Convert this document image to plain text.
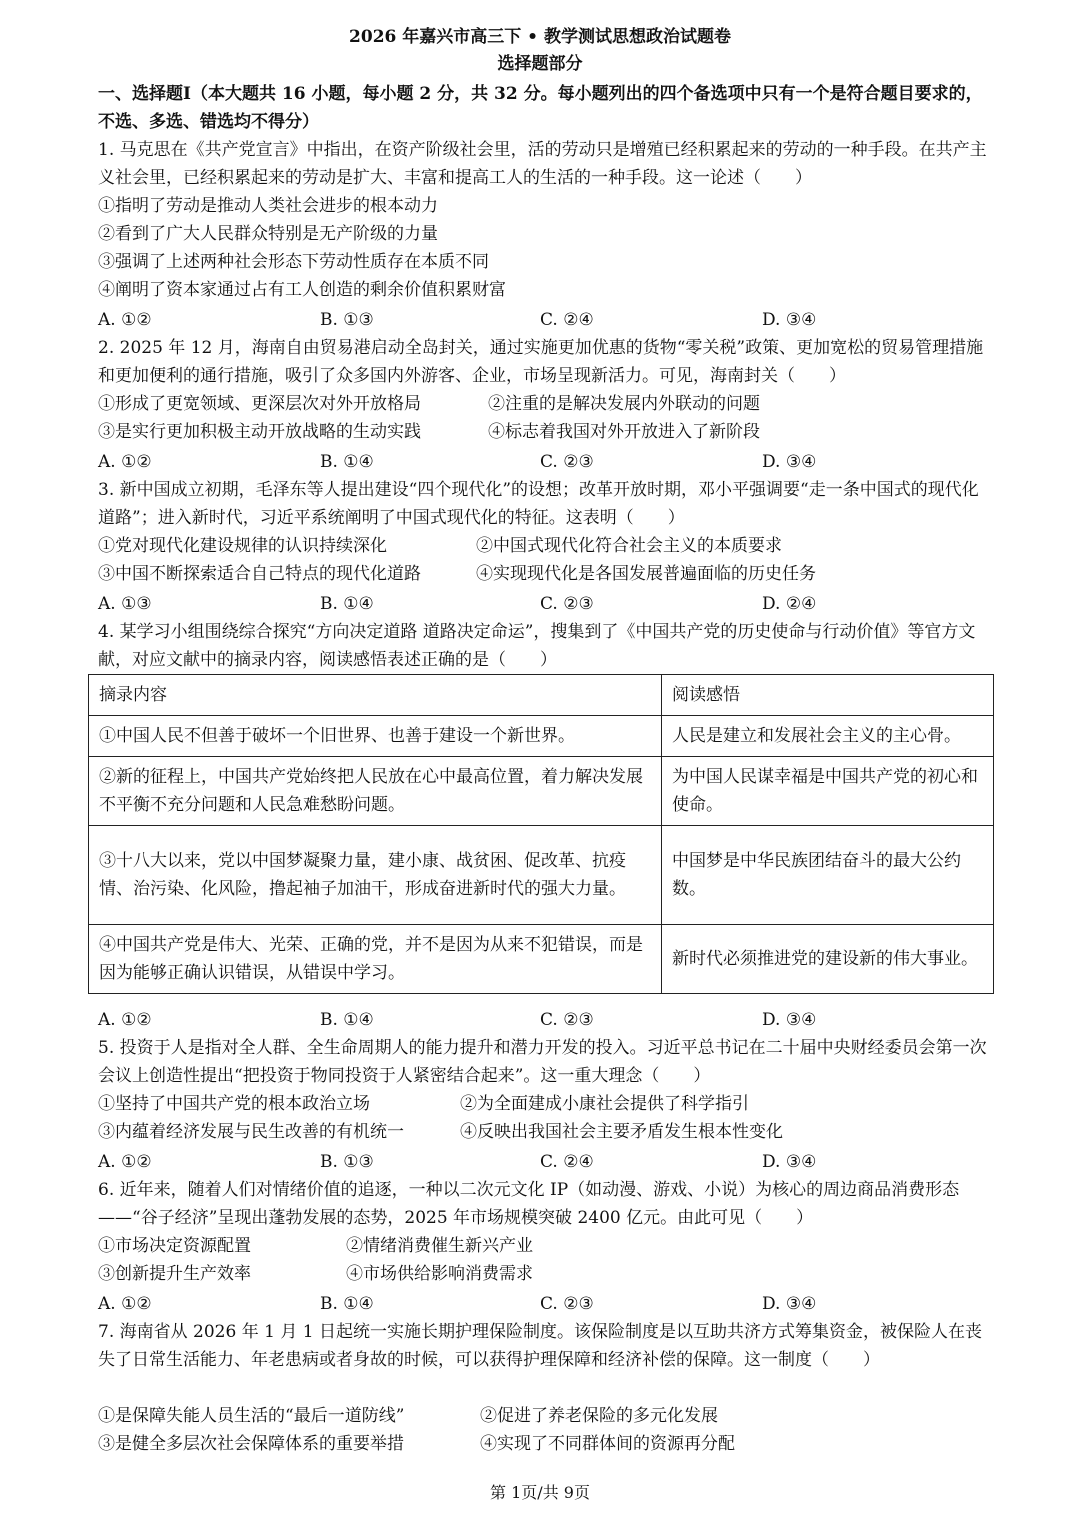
2026 年嘉兴市高三下 • 教学测试思想政治试题卷
选择题部分
一、选择题Ⅰ（本大题共 16 小题，每小题 2 分，共 32 分。每小题列出的四个备选项中只有一个是符合题目要求的，不选、多选、错选均不得分）
1. 马克思在《共产党宣言》中指出，在资产阶级社会里，活的劳动只是增殖已经积累起来的劳动的一种手段。在共产主义社会里，已经积累起来的劳动是扩大、丰富和提高工人的生活的一种手段。这一论述（　　）
①指明了劳动是推动人类社会进步的根本动力
②看到了广大人民群众特别是无产阶级的力量
③强调了上述两种社会形态下劳动性质存在本质不同
④阐明了资本家通过占有工人创造的剩余价值积累财富
A. ①②	B. ①③	C. ②④	D. ③④
2. 2025 年 12 月，海南自由贸易港启动全岛封关，通过实施更加优惠的货物“零关税”政策、更加宽松的贸易管理措施和更加便利的通行措施，吸引了众多国内外游客、企业，市场呈现新活力。可见，海南封关（　　）
①形成了更宽领域、更深层次对外开放格局	②注重的是解决发展内外联动的问题
③是实行更加积极主动开放战略的生动实践	④标志着我国对外开放进入了新阶段
A. ①②	B. ①④	C. ②③	D. ③④
3. 新中国成立初期，毛泽东等人提出建设“四个现代化”的设想；改革开放时期，邓小平强调要“走一条中国式的现代化道路”；进入新时代，习近平系统阐明了中国式现代化的特征。这表明（　　）
①党对现代化建设规律的认识持续深化	②中国式现代化符合社会主义的本质要求
③中国不断探索适合自己特点的现代化道路	④实现现代化是各国发展普遍面临的历史任务
A. ①③	B. ①④	C. ②③	D. ②④
4. 某学习小组围绕综合探究“方向决定道路 道路决定命运”，搜集到了《中国共产党的历史使命与行动价值》等官方文献，对应文献中的摘录内容，阅读感悟表述正确的是（　　）
摘录内容	阅读感悟
①中国人民不但善于破坏一个旧世界、也善于建设一个新世界。	人民是建立和发展社会主义的主心骨。
②新的征程上，中国共产党始终把人民放在心中最高位置，着力解决发展不平衡不充分问题和人民急难愁盼问题。	为中国人民谋幸福是中国共产党的初心和使命。
③十八大以来，党以中国梦凝聚力量，建小康、战贫困、促改革、抗疫情、治污染、化风险，撸起袖子加油干，形成奋进新时代的强大力量。	中国梦是中华民族团结奋斗的最大公约数。
④中国共产党是伟大、光荣、正确的党，并不是因为从来不犯错误，而是因为能够正确认识错误，从错误中学习。	新时代必须推进党的建设新的伟大事业。
A. ①②	B. ①④	C. ②③	D. ③④
5. 投资于人是指对全人群、全生命周期人的能力提升和潜力开发的投入。习近平总书记在二十届中央财经委员会第一次会议上创造性提出“把投资于物同投资于人紧密结合起来”。这一重大理念（　　）
①坚持了中国共产党的根本政治立场	②为全面建成小康社会提供了科学指引
③内蕴着经济发展与民生改善的有机统一	④反映出我国社会主要矛盾发生根本性变化
A. ①②	B. ①③	C. ②④	D. ③④
6. 近年来，随着人们对情绪价值的追逐，一种以二次元文化 IP（如动漫、游戏、小说）为核心的周边商品消费形态——“谷子经济”呈现出蓬勃发展的态势，2025 年市场规模突破 2400 亿元。由此可见（　　）
①市场决定资源配置	②情绪消费催生新兴产业
③创新提升生产效率	④市场供给影响消费需求
A. ①②	B. ①④	C. ②③	D. ③④
7. 海南省从 2026 年 1 月 1 日起统一实施长期护理保险制度。该保险制度是以互助共济方式筹集资金，被保险人在丧失了日常生活能力、年老患病或者身故的时候，可以获得护理保障和经济补偿的保障。这一制度（　　）
①是保障失能人员生活的“最后一道防线”	②促进了养老保险的多元化发展
③是健全多层次社会保障体系的重要举措	④实现了不同群体间的资源再分配
第 1页/共 9页
